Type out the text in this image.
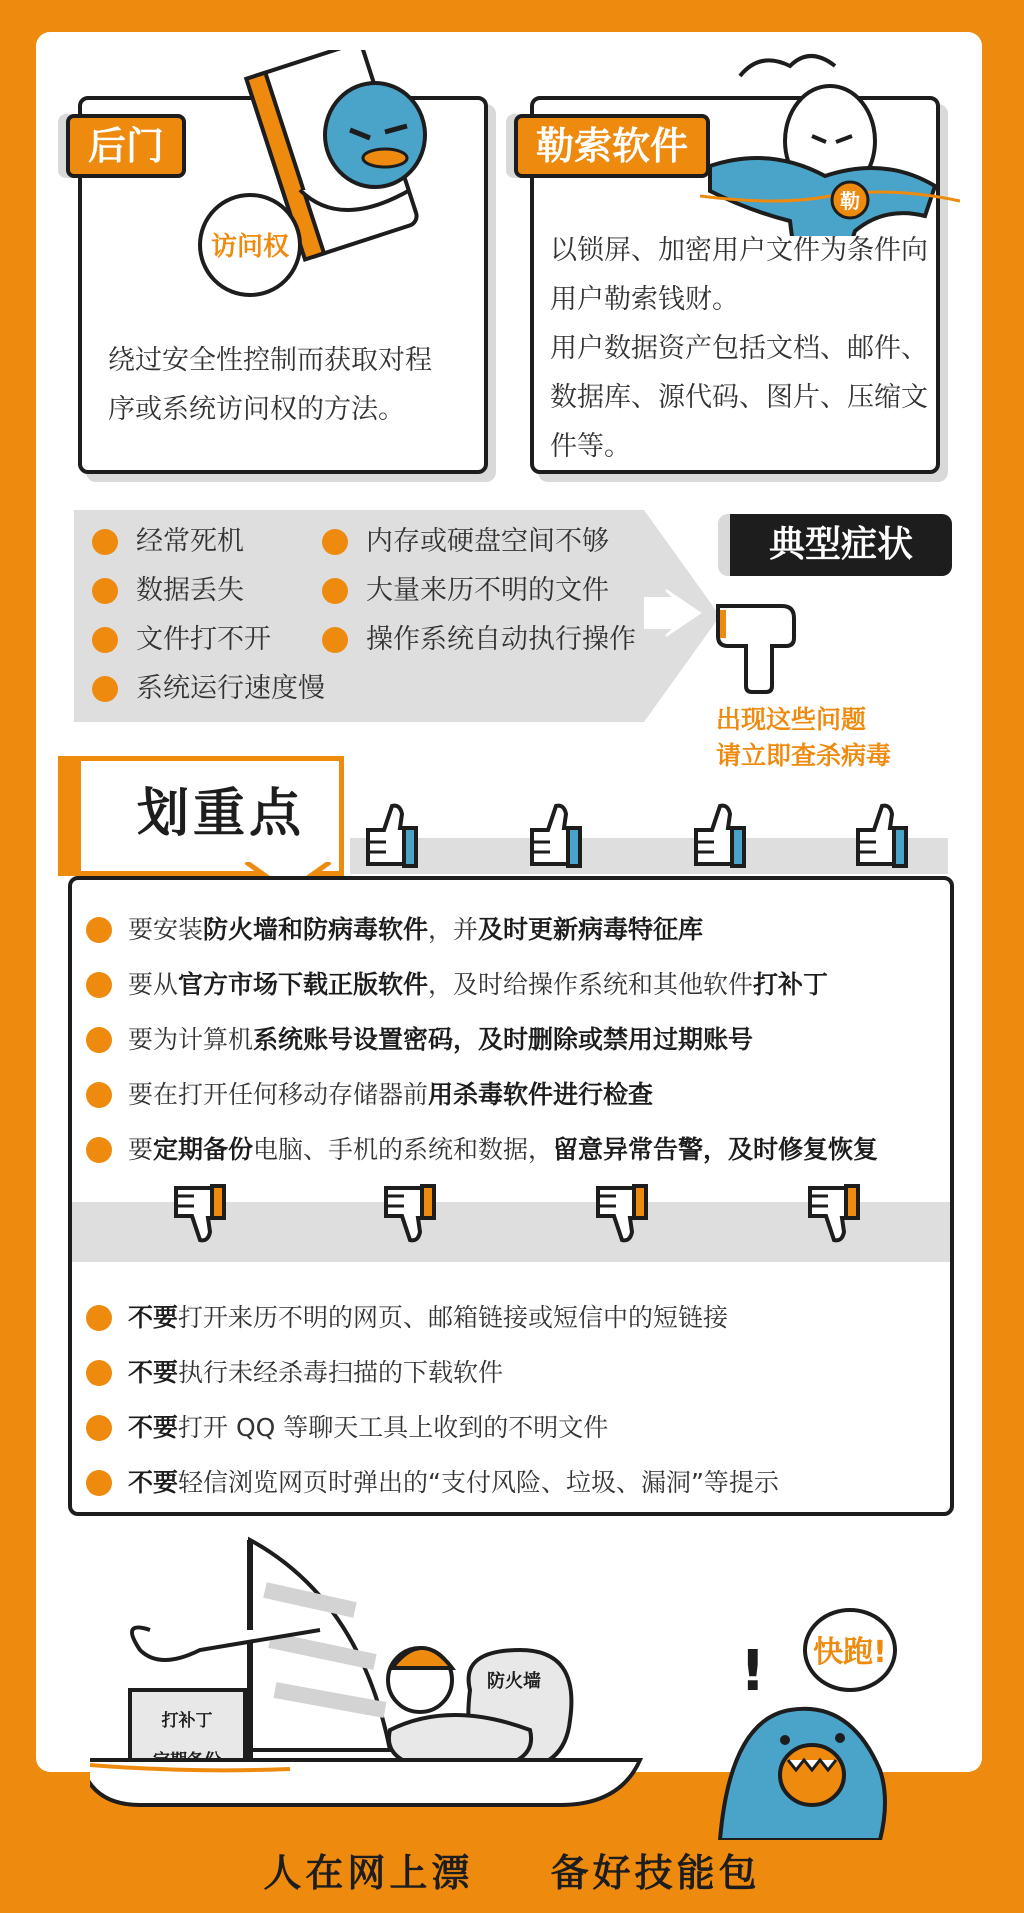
绕过安全性控制而获取对程
序或系统访问权的方法。
访问权
后门
以锁屏、加密用户文件为条件向
用户勒索钱财。
用户数据资产包括文档、邮件、
数据库、源代码、图片、压缩文
件等。
勒
勒索软件
经常死机
数据丢失
文件打不开
系统运行速度慢
内存或硬盘空间不够
大量来历不明的文件
操作系统自动执行操作
典型症状
出现这些问题
请立即查杀病毒
划重点
要安装 防火墙和防病毒软件 ，并 及时更新病毒特征库
要从 官方市场下载正版软件 ，及时给操作系统和其他软件 打补丁
要为计算机 系统账号设置密码，及时删除或禁用过期账号
要在打开任何移动存储器前 用杀毒软件进行检查
要 定期备份 电脑、手机的系统和数据， 留意异常告警，及时修复恢复
不要 打开来历不明的网页、邮箱链接或短信中的短链接
不要 执行未经杀毒扫描的下载软件
不要 打开 QQ 等聊天工具上收到的不明文件
不要 轻信浏览网页时弹出的“支付风险、垃圾、漏洞”等提示
打补丁
防火墙
快跑!
!
人在网上漂 备好技能包
